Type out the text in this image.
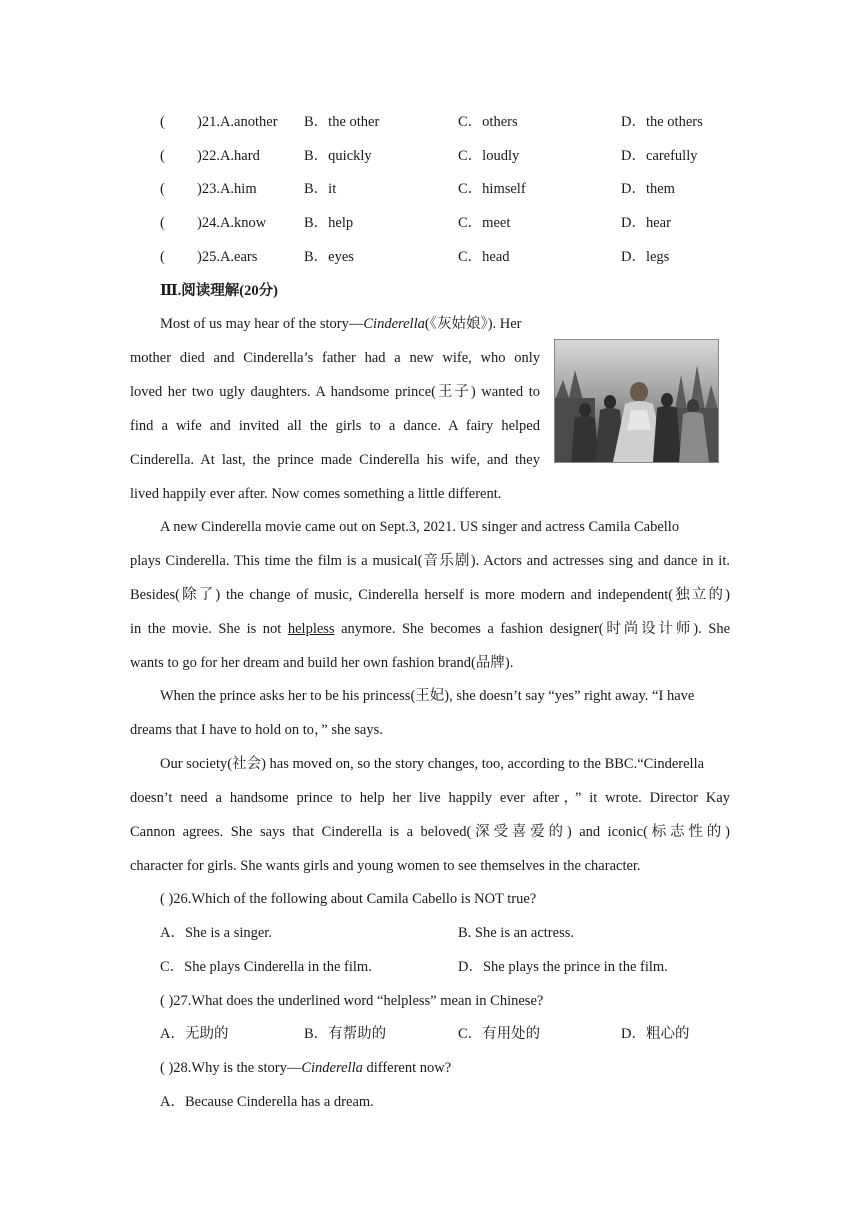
( )21.A.another B．the other	C．others	D．the others
( )22.A.hard	B．quickly	C．loudly	D．carefully
( )23.A.him	B．it	C．himself	D．them
( )24.A.know	B．help	C．meet	D．hear
( )25.A.ears	B．eyes	C．head	D．legs
Ⅲ.阅读理解(20分)
Most of us may hear of the story—Cinderella(《灰姑娘》). Her
mother died and Cinderella’s father had a new wife, who only
loved her two ugly daughters. A handsome prince(王子) wanted to
find a wife and invited all the girls to a dance. A fairy helped
Cinderella. At last, the prince made Cinderella his wife, and they
lived happily ever after. Now comes something a little different.
A new Cinderella movie came out on Sept.3, 2021. US singer and actress Camila Cabello
plays Cinderella. This time the film is a musical(音乐剧). Actors and actresses sing and dance in it.
Besides(除了) the change of music, Cinderella herself is more modern and independent(独立的)
in the movie. She is not helpless anymore. She becomes a fashion designer(时尚设计师). She
wants to go for her dream and build her own fashion brand(品牌).
When the prince asks her to be his princess(王妃), she doesn’t say “yes” right away. “I have
dreams that I have to hold on to，” she says.
Our society(社会) has moved on, so the story changes, too, according to the BBC.“Cinderella
doesn’t need a handsome prince to help her live happily ever after，” it wrote. Director Kay
Cannon agrees. She says that Cinderella is a beloved(深受喜爱的) and iconic(标志性的)
character for girls. She wants girls and young women to see themselves in the character.
( )26.Which of the following about Camila Cabello is NOT true?
A．She is a singer.	B. She is an actress.
C．She plays Cinderella in the film.	D．She plays the prince in the film.
( )27.What does the underlined word “helpless” mean in Chinese?
A．无助的	B．有帮助的	C．有用处的	D．粗心的
( )28.Why is the story—Cinderella different now?
A．Because Cinderella has a dream.
